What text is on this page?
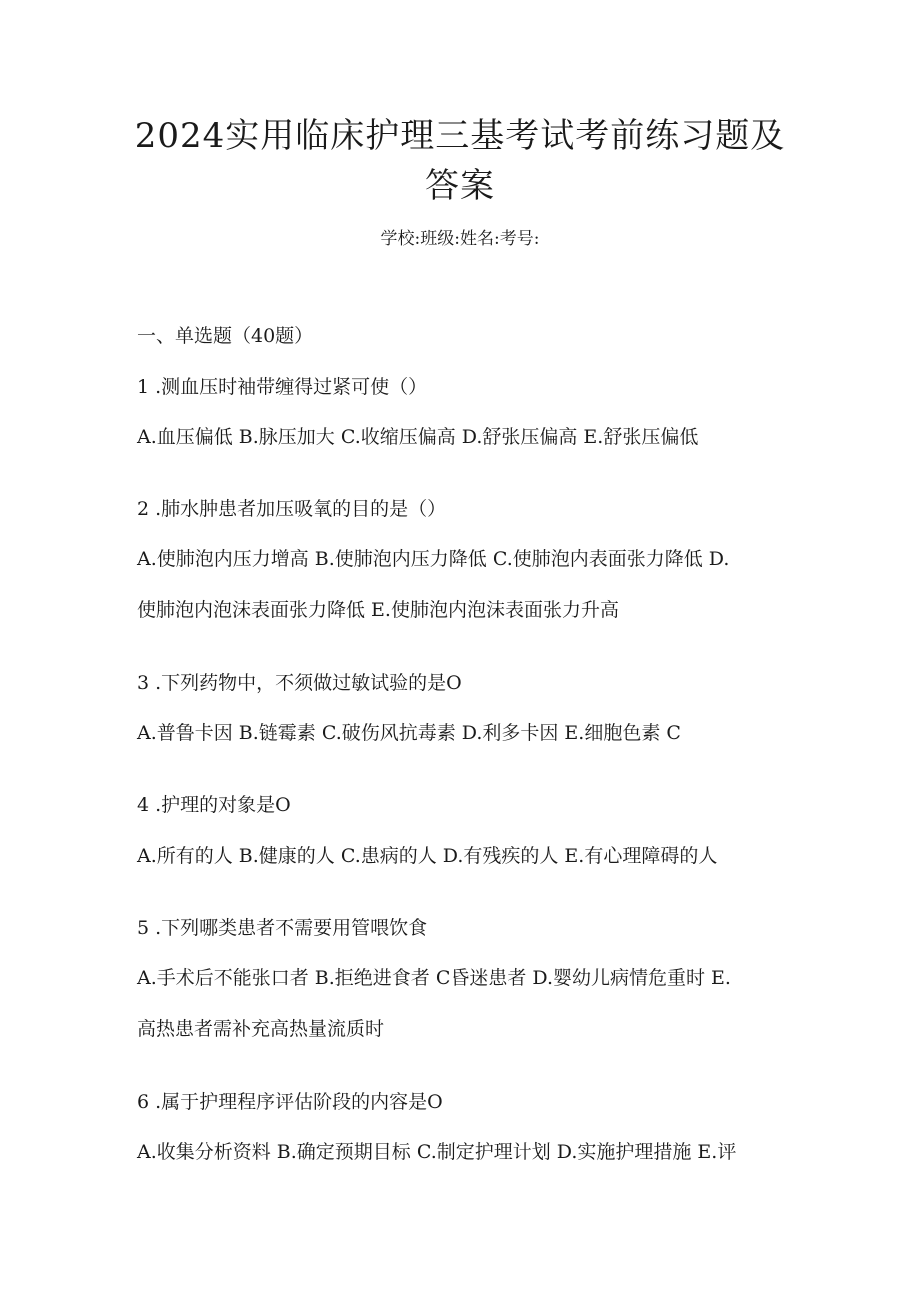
2024实用临床护理三基考试考前练习题及
答案
学校:班级:姓名:考号:
一、单选题（40题）
1 .测血压时袖带缠得过紧可使（）
A.血压偏低 B.脉压加大 C.收缩压偏高 D.舒张压偏高 E.舒张压偏低
2 .肺水肿患者加压吸氧的目的是（）
A.使肺泡内压力增高 B.使肺泡内压力降低 C.使肺泡内表面张力降低 D.
使肺泡内泡沫表面张力降低 E.使肺泡内泡沫表面张力升高
3 .下列药物中，不须做过敏试验的是O
A.普鲁卡因 B.链霉素 C.破伤风抗毒素 D.利多卡因 E.细胞色素 C
4 .护理的对象是O
A.所有的人 B.健康的人 C.患病的人 D.有残疾的人 E.有心理障碍的人
5 .下列哪类患者不需要用管喂饮食
A.手术后不能张口者 B.拒绝进食者 C昏迷患者 D.婴幼儿病情危重时 E.
高热患者需补充高热量流质时
6 .属于护理程序评估阶段的内容是O
A.收集分析资料 B.确定预期目标 C.制定护理计划 D.实施护理措施 E.评
